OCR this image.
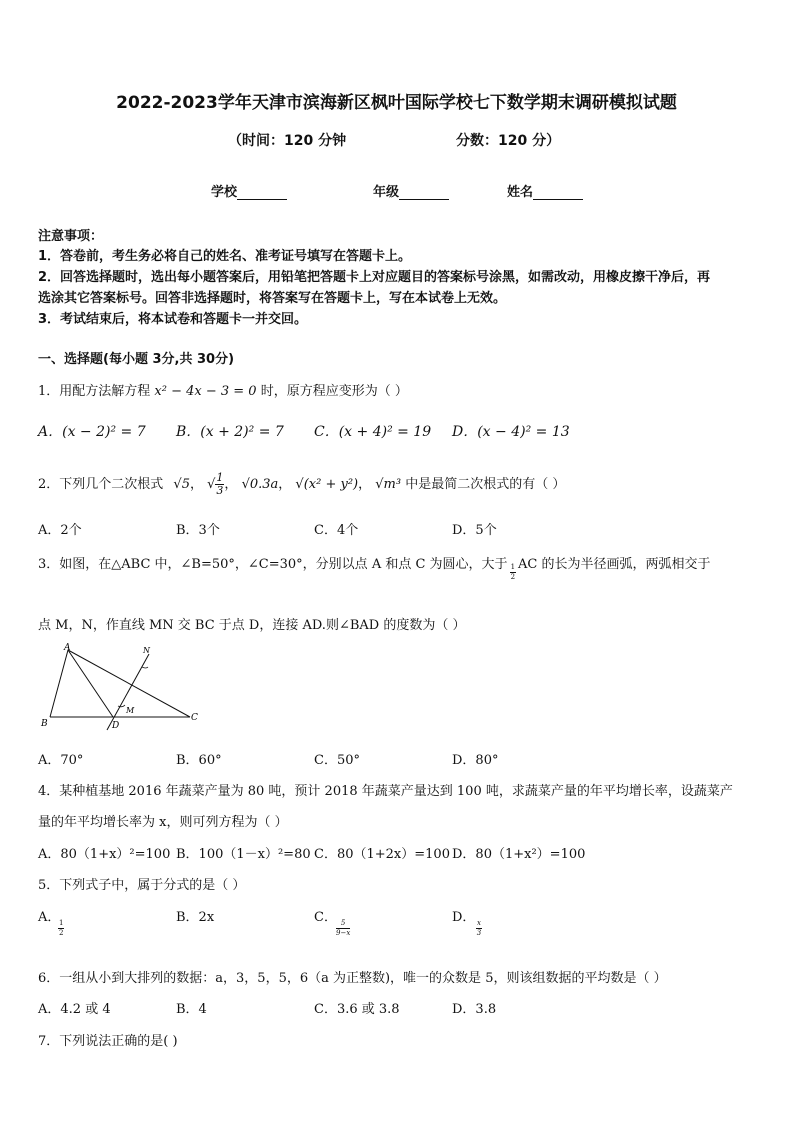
2022-2023学年天津市滨海新区枫叶国际学校七下数学期末调研模拟试题
（时间：120 分钟	分数：120 分）
学校	年级	姓名
注意事项：
1．答卷前，考生务必将自己的姓名、准考证号填写在答题卡上。
2．回答选择题时，选出每小题答案后，用铅笔把答题卡上对应题目的答案标号涂黑，如需改动，用橡皮擦干净后，再
选涂其它答案标号。回答非选择题时，将答案写在答题卡上，写在本试卷上无效。
3．考试结束后，将本试卷和答题卡一并交回。
一、选择题(每小题 3分,共 30分)
1．用配方法解方程 x² − 4x − 3 = 0 时，原方程应变形为（ ）
A．(x − 2)² = 7 B．(x + 2)² = 7 C．(x + 4)² = 19 D．(x − 4)² = 13
2．下列几个二次根式 √5， √ $\frac{1}{3}$ ， √0.3a， √(x² + y²)， √m³ 中是最简二次根式的有（ ）
A．2个	B．3个	C．4个	D．5个
3．如图，在△ABC 中，∠B=50°，∠C=30°，分别以点 A 和点 C 为圆心，大于 $\frac{1}{2}$ AC 的长为半径画弧，两弧相交于
点 M，N，作直线 MN 交 BC 于点 D，连接 AD.则∠BAD 的度数为（ ）
A
B
C
D
M
N
A．70°	B．60°	C．50°	D．80°
4．某种植基地 2016 年蔬菜产量为 80 吨，预计 2018 年蔬菜产量达到 100 吨，求蔬菜产量的年平均增长率，设蔬菜产
量的年平均增长率为 x，则可列方程为（ ）
A．80（1+x）²=100 B．100（1－x）²=80 C．80（1+2x）=100 D．80（1+x²）=100
5．下列式子中，属于分式的是（ ）
A．
$\frac{1}{2}$
B．2x	C．
$\frac{5}{9-x}$
D．
$\frac{x}{3}$
6．一组从小到大排列的数据：a，3，5，5，6（a 为正整数)，唯一的众数是 5，则该组数据的平均数是（ ）
A．4.2 或 4	B．4	C．3.6 或 3.8	D．3.8
7．下列说法正确的是( )
